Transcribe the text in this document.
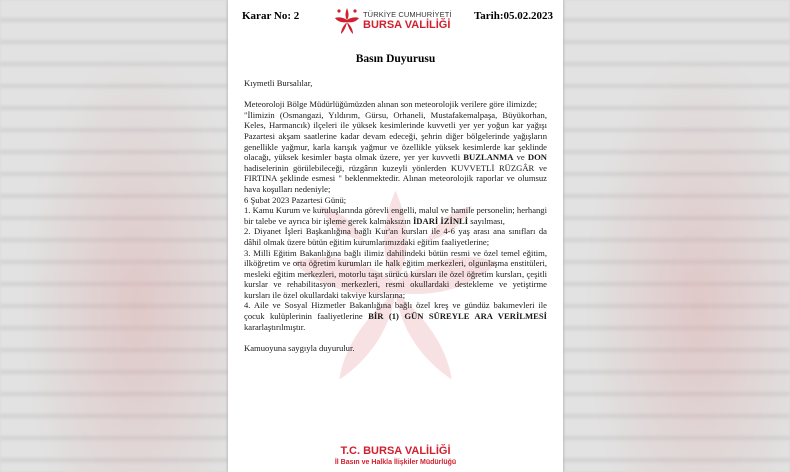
Karar No: 2	TÜRKİYE CUMHURİYETİ
BURSA VALİLİĞİ
Tarih:05.02.2023
Basın Duyurusu

Kıymetli Bursalılar,

Meteoroloji Bölge Müdürlüğümüzden alınan son meteorolojik verilere göre ilimizde;

"İlimizin (Osmangazi, Yıldırım, Gürsu, Orhaneli, Mustafakemalpaşa, Büyükorhan, Keles, Harmancık) ilçeleri ile yüksek kesimlerinde kuvvetli yer yer yoğun kar yağışı Pazartesi akşam saatlerine kadar devam edeceği, şehrin diğer bölgelerinde yağışların genellikle yağmur, karla karışık yağmur ve özellikle yüksek kesimlerde kar şeklinde olacağı, yüksek kesimler başta olmak üzere, yer yer kuvvetli BUZLANMA ve DON hadiselerinin görülebileceği, rüzgârın kuzeyli yönlerden KUVVETLİ RÜZGÂR ve FIRTINA şeklinde esmesi " beklenmektedir. Alınan meteorolojik raporlar ve olumsuz hava koşulları nedeniyle;

6 Şubat 2023 Pazartesi Günü;

1. Kamu Kurum ve kuruluşlarında görevli engelli, malul ve hamile personelin; herhangi bir talebe ve ayrıca bir işleme gerek kalmaksızın İDARİ İZİNLİ sayılması,

2. Diyanet İşleri Başkanlığına bağlı Kur'an kursları ile 4-6 yaş arası ana sınıfları da dâhil olmak üzere bütün eğitim kurumlarımızdaki eğitim faaliyetlerine;

3. Milli Eğitim Bakanlığına bağlı ilimiz dahilindeki bütün resmi ve özel temel eğitim, ilköğretim ve orta öğretim kurumları ile halk eğitim merkezleri, olgunlaşma enstitüleri, mesleki eğitim merkezleri, motorlu taşıt sürücü kursları ile özel öğretim kursları, çeşitli kurslar ve rehabilitasyon merkezleri, resmi okullardaki destekleme ve yetiştirme kursları ile özel okullardaki takviye kurslarına;

4. Aile ve Sosyal Hizmetler Bakanlığına bağlı özel kreş ve gündüz bakımevleri ile çocuk kulüplerinin faaliyetlerine BİR (1) GÜN SÜREYLE ARA VERİLMESİ kararlaştırılmıştır.

Kamuoyuna saygıyla duyurulur.

T.C. BURSA VALİLİĞİ
İl Basın ve Halkla İlişkiler Müdürlüğü
